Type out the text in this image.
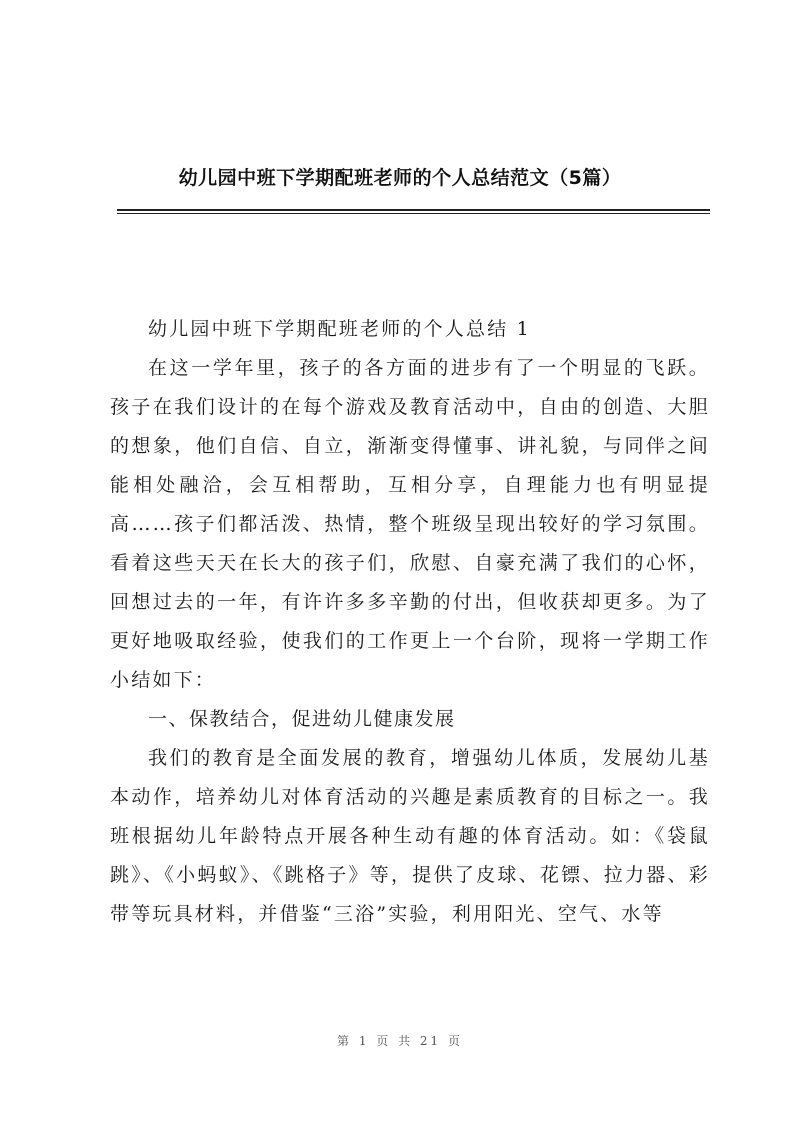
幼儿园中班下学期配班老师的个人总结范文（5篇）

幼儿园中班下学期配班老师的个人总结 1

在这一学年里，孩子的各方面的进步有了一个明显的飞跃。孩子在我们设计的在每个游戏及教育活动中，自由的创造、大胆的想象，他们自信、自立，渐渐变得懂事、讲礼貌，与同伴之间能相处融洽，会互相帮助，互相分享，自理能力也有明显提高……孩子们都活泼、热情，整个班级呈现出较好的学习氛围。看着这些天天在长大的孩子们，欣慰、自豪充满了我们的心怀，回想过去的一年，有许许多多辛勤的付出，但收获却更多。为了更好地吸取经验，使我们的工作更上一个台阶，现将一学期工作小结如下：

一、保教结合，促进幼儿健康发展

我们的教育是全面发展的教育，增强幼儿体质，发展幼儿基本动作，培养幼儿对体育活动的兴趣是素质教育的目标之一。我班根据幼儿年龄特点开展各种生动有趣的体育活动。如：《袋鼠跳》、《小蚂蚁》、《跳格子》等，提供了皮球、花镖、拉力器、彩带等玩具材料，并借鉴“三浴”实验，利用阳光、空气、水等

第 1 页 共 21 页
